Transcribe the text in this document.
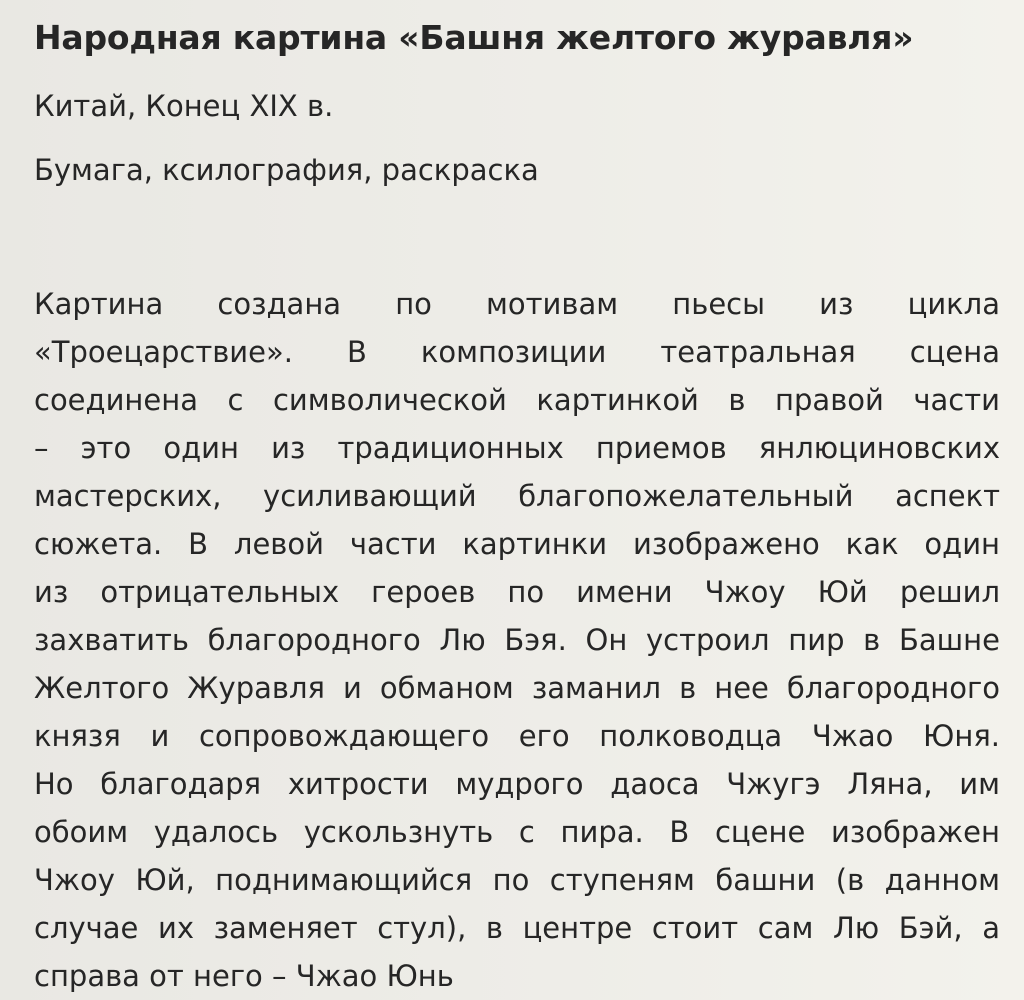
Народная картина «Башня желтого журавля»

Китай, Конец XIX в.

Бумага, ксилография, раскраска

Картина создана по мотивам пьесы из цикла
«Троецарствие». В композиции театральная сцена
соединена с символической картинкой в правой части
– это один из традиционных приемов янлюциновских
мастерских, усиливающий благопожелательный аспект
сюжета. В левой части картинки изображено как один
из отрицательных героев по имени Чжоу Юй решил
захватить благородного Лю Бэя. Он устроил пир в Башне
Желтого Журавля и обманом заманил в нее благородного
князя и сопровождающего его полководца Чжао Юня.
Но благодаря хитрости мудрого даоса Чжугэ Ляна, им
обоим удалось ускользнуть с пира. В сцене изображен
Чжоу Юй, поднимающийся по ступеням башни (в данном
случае их заменяет стул), в центре стоит сам Лю Бэй, а
справа от него – Чжао Юнь
